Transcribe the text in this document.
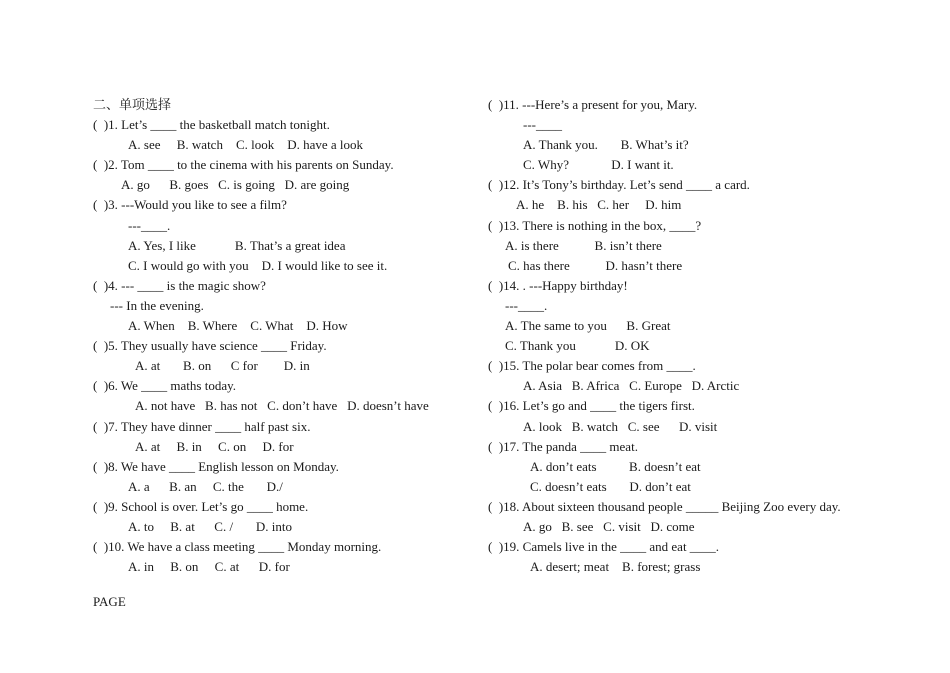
二、单项选择
(  )1. Let’s ____ the basketball match tonight.
A. see     B. watch    C. look    D. have a look
(  )2. Tom ____ to the cinema with his parents on Sunday.
A. go      B. goes   C. is going   D. are going
(  )3. ---Would you like to see a film?
---____.
A. Yes, I like            B. That’s a great idea
C. I would go with you    D. I would like to see it.
(  )4. --- ____ is the magic show?
--- In the evening.
A. When    B. Where    C. What    D. How
(  )5. They usually have science ____ Friday.
A. at       B. on      C for        D. in
(  )6. We ____ maths today.
A. not have   B. has not   C. don’t have   D. doesn’t have
(  )7. They have dinner ____ half past six.
A. at     B. in     C. on     D. for
(  )8. We have ____ English lesson on Monday.
A. a      B. an     C. the       D./
(  )9. School is over. Let’s go ____ home.
A. to     B. at      C. /       D. into
(  )10. We have a class meeting ____ Monday morning.
A. in     B. on     C. at      D. for
(  )11. ---Here’s a present for you, Mary.
---____
A. Thank you.       B. What’s it?
C. Why?             D. I want it.
(  )12. It’s Tony’s birthday. Let’s send ____ a card.
A. he    B. his   C. her     D. him
(  )13. There is nothing in the box, ____?
A. is there           B. isn’t there
C. has there           D. hasn’t there
(  )14. . ---Happy birthday!
---____.
A. The same to you      B. Great
C. Thank you            D. OK
(  )15. The polar bear comes from ____.
A. Asia   B. Africa   C. Europe   D. Arctic
(  )16. Let’s go and ____ the tigers first.
A. look   B. watch   C. see      D. visit
(  )17. The panda ____ meat.
A. don’t eats          B. doesn’t eat
C. doesn’t eats       D. don’t eat
(  )18. About sixteen thousand people _____ Beijing Zoo every day.
A. go   B. see   C. visit   D. come
(  )19. Camels live in the ____ and eat ____.
A. desert; meat    B. forest; grass
PAGE
